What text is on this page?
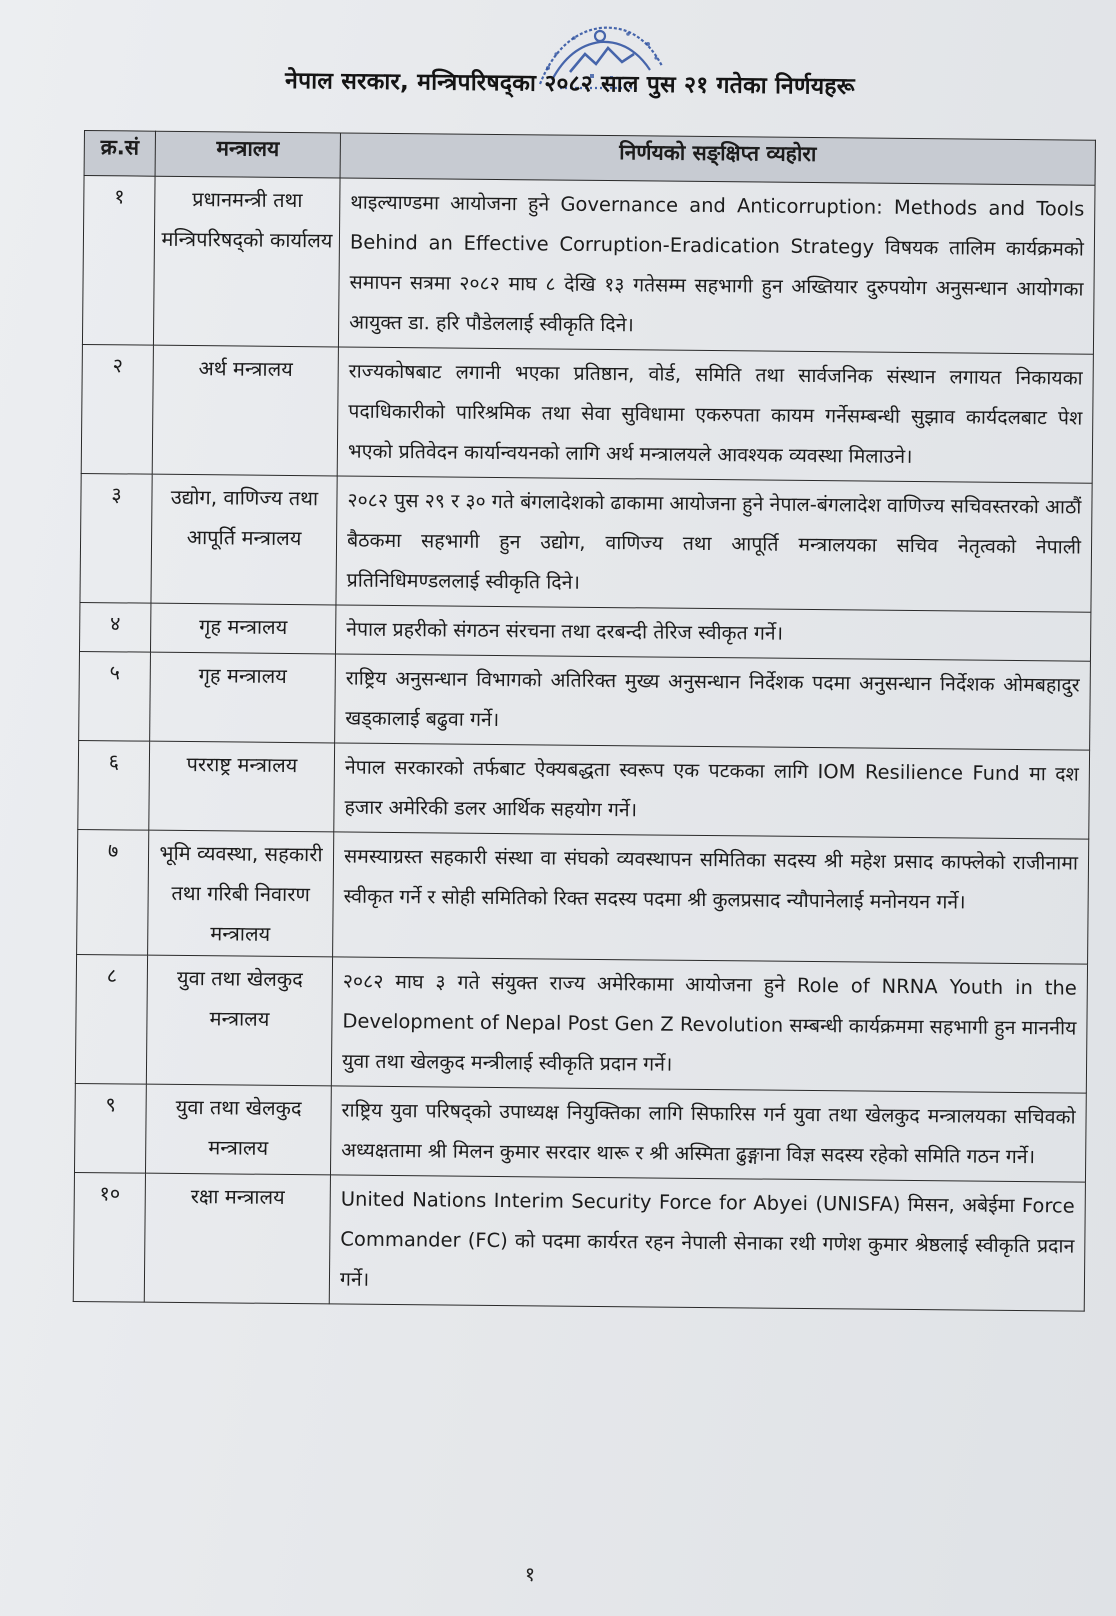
नेपाल सरकार, मन्त्रिपरिषद्का २०८२ साल पुस २१ गतेका निर्णयहरू
क्र.सं	मन्त्रालय	निर्णयको सङ्क्षिप्त व्यहोरा
१	प्रधानमन्त्री तथा मन्त्रिपरिषद्को कार्यालय	थाइल्याण्डमा आयोजना हुने Governance and Anticorruption: Methods and Tools Behind an Effective Corruption-Eradication Strategy विषयक तालिम कार्यक्रमको समापन सत्रमा २०८२ माघ ८ देखि १३ गतेसम्म सहभागी हुन अख्तियार दुरुपयोग अनुसन्धान आयोगका आयुक्त डा. हरि पौडेललाई स्वीकृति दिने।
२	अर्थ मन्त्रालय	राज्यकोषबाट लगानी भएका प्रतिष्ठान, वोर्ड, समिति तथा सार्वजनिक संस्थान लगायत निकायका पदाधिकारीको पारिश्रमिक तथा सेवा सुविधामा एकरुपता कायम गर्नेसम्बन्धी सुझाव कार्यदलबाट पेश भएको प्रतिवेदन कार्यान्वयनको लागि अर्थ मन्त्रालयले आवश्यक व्यवस्था मिलाउने।
३	उद्योग, वाणिज्य तथा आपूर्ति मन्त्रालय	२०८२ पुस २९ र ३० गते बंगलादेशको ढाकामा आयोजना हुने नेपाल-बंगलादेश वाणिज्य सचिवस्तरको आठौं बैठकमा सहभागी हुन उद्योग, वाणिज्य तथा आपूर्ति मन्त्रालयका सचिव नेतृत्वको नेपाली प्रतिनिधिमण्डललाई स्वीकृति दिने।
४	गृह मन्त्रालय	नेपाल प्रहरीको संगठन संरचना तथा दरबन्दी तेरिज स्वीकृत गर्ने।
५	गृह मन्त्रालय	राष्ट्रिय अनुसन्धान विभागको अतिरिक्त मुख्य अनुसन्धान निर्देशक पदमा अनुसन्धान निर्देशक ओमबहादुर खड्कालाई बढुवा गर्ने।
६	परराष्ट्र मन्त्रालय	नेपाल सरकारको तर्फबाट ऐक्यबद्धता स्वरूप एक पटकका लागि IOM Resilience Fund मा दश हजार अमेरिकी डलर आर्थिक सहयोग गर्ने।
७	भूमि व्यवस्था, सहकारी तथा गरिबी निवारण मन्त्रालय	समस्याग्रस्त सहकारी संस्था वा संघको व्यवस्थापन समितिका सदस्य श्री महेश प्रसाद काफ्लेको राजीनामा स्वीकृत गर्ने र सोही समितिको रिक्त सदस्य पदमा श्री कुलप्रसाद न्यौपानेलाई मनोनयन गर्ने।
८	युवा तथा खेलकुद मन्त्रालय	२०८२ माघ ३ गते संयुक्त राज्य अमेरिकामा आयोजना हुने Role of NRNA Youth in the Development of Nepal Post Gen Z Revolution सम्बन्धी कार्यक्रममा सहभागी हुन माननीय युवा तथा खेलकुद मन्त्रीलाई स्वीकृति प्रदान गर्ने।
९	युवा तथा खेलकुद मन्त्रालय	राष्ट्रिय युवा परिषद्को उपाध्यक्ष नियुक्तिका लागि सिफारिस गर्न युवा तथा खेलकुद मन्त्रालयका सचिवको अध्यक्षतामा श्री मिलन कुमार सरदार थारू र श्री अस्मिता ढुङ्गाना विज्ञ सदस्य रहेको समिति गठन गर्ने।
१०	रक्षा मन्त्रालय	United Nations Interim Security Force for Abyei (UNISFA) मिसन, अबेईमा Force Commander (FC) को पदमा कार्यरत रहन नेपाली सेनाका रथी गणेश कुमार श्रेष्ठलाई स्वीकृति प्रदान गर्ने।
१
